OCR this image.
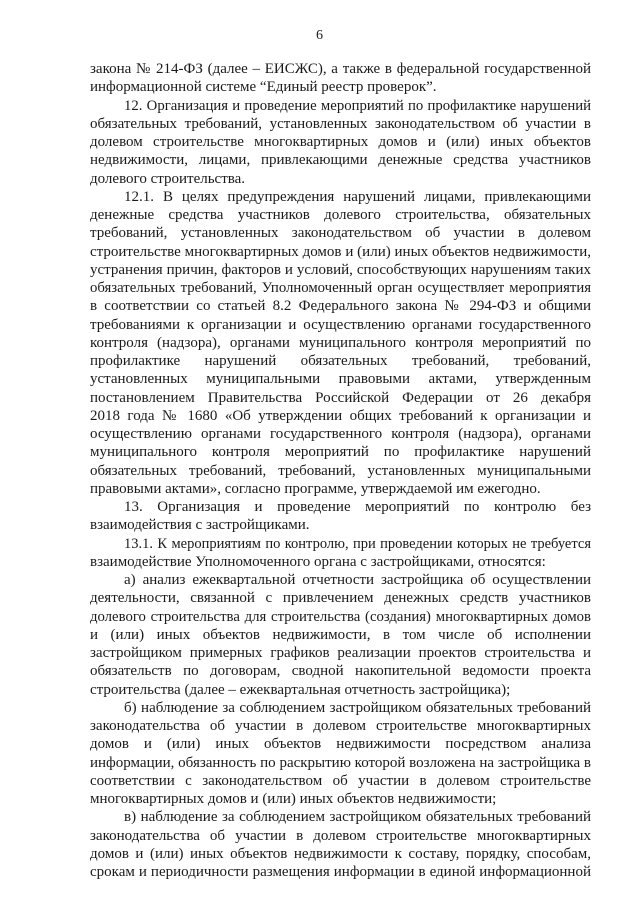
6
закона № 214-ФЗ (далее – ЕИСЖС), а также в федеральной государственной
информационной системе “Единый реестр проверок”.
12. Организация и проведение мероприятий по профилактике нарушений
обязательных требований, установленных законодательством об участии в
долевом строительстве многоквартирных домов и (или) иных объектов
недвижимости, лицами, привлекающими денежные средства участников
долевого строительства.
12.1. В целях предупреждения нарушений лицами, привлекающими
денежные средства участников долевого строительства, обязательных
требований, установленных законодательством об участии в долевом
строительстве многоквартирных домов и (или) иных объектов недвижимости,
устранения причин, факторов и условий, способствующих нарушениям таких
обязательных требований, Уполномоченный орган осуществляет мероприятия
в соответствии со статьей 8.2 Федерального закона № 294-ФЗ и общими
требованиями к организации и осуществлению органами государственного
контроля (надзора), органами муниципального контроля мероприятий по
профилактике нарушений обязательных требований, требований,
установленных муниципальными правовыми актами, утвержденным
постановлением Правительства Российской Федерации от 26 декабря
2018 года № 1680 «Об утверждении общих требований к организации и
осуществлению органами государственного контроля (надзора), органами
муниципального контроля мероприятий по профилактике нарушений
обязательных требований, требований, установленных муниципальными
правовыми актами», согласно программе, утверждаемой им ежегодно.
13. Организация и проведение мероприятий по контролю без
взаимодействия с застройщиками.
13.1. К мероприятиям по контролю, при проведении которых не требуется
взаимодействие Уполномоченного органа с застройщиками, относятся:
а) анализ ежеквартальной отчетности застройщика об осуществлении
деятельности, связанной с привлечением денежных средств участников
долевого строительства для строительства (создания) многоквартирных домов
и (или) иных объектов недвижимости, в том числе об исполнении
застройщиком примерных графиков реализации проектов строительства и
обязательств по договорам, сводной накопительной ведомости проекта
строительства (далее – ежеквартальная отчетность застройщика);
б) наблюдение за соблюдением застройщиком обязательных требований
законодательства об участии в долевом строительстве многоквартирных
домов и (или) иных объектов недвижимости посредством анализа
информации, обязанность по раскрытию которой возложена на застройщика в
соответствии с законодательством об участии в долевом строительстве
многоквартирных домов и (или) иных объектов недвижимости;
в) наблюдение за соблюдением застройщиком обязательных требований
законодательства об участии в долевом строительстве многоквартирных
домов и (или) иных объектов недвижимости к составу, порядку, способам,
срокам и периодичности размещения информации в единой информационной
